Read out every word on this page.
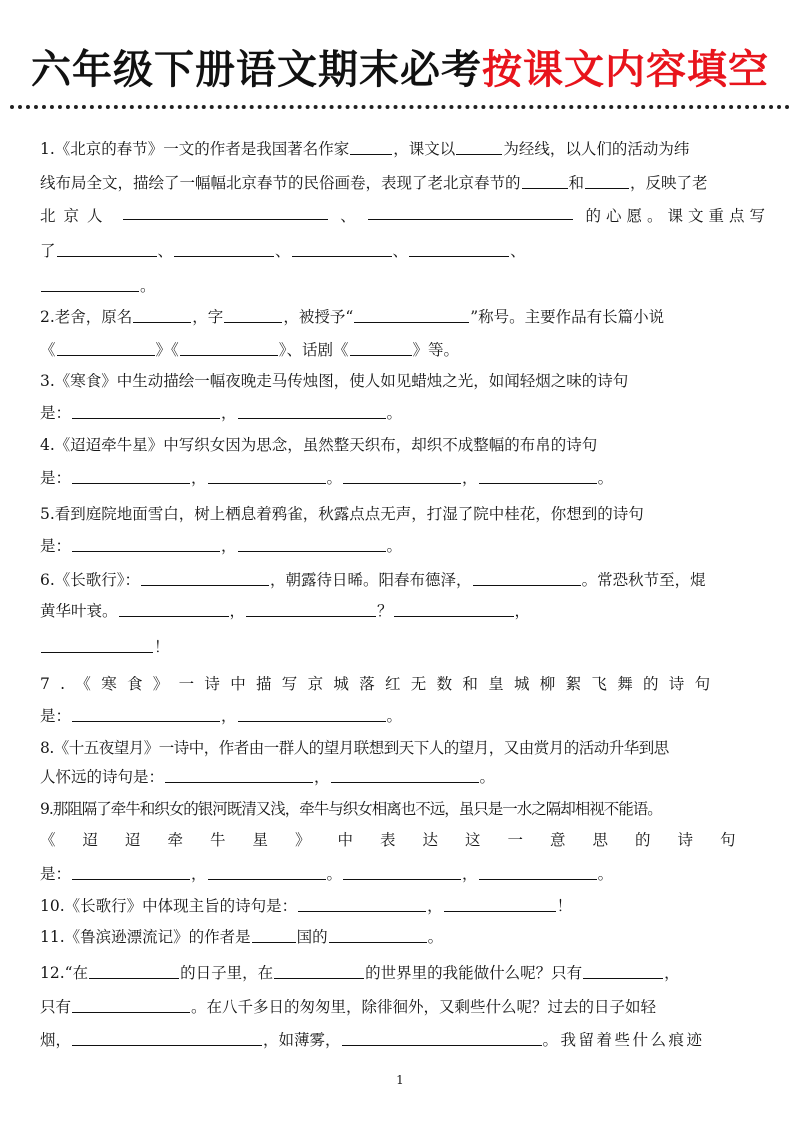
六年级下册语文期末必考按课文内容填空
1.《北京的春节》一文的作者是我国著名作家	，课文以	为经线，以人们的活动为纬
线布局全文，描绘了一幅幅北京春节的民俗画卷，表现了老北京春节的	和	，反映了老
北京人	、	的心愿。课文重点写
了	、	、	、	、
。
2.老舍，原名	，字	，被授予“	”称号。主要作品有长篇小说
《	》《	》、话剧《	》等。
3.《寒食》中生动描绘一幅夜晚走马传烛图，使人如见蜡烛之光，如闻轻烟之味的诗句
是：	，	。
4.《迢迢牵牛星》中写织女因为思念，虽然整天织布，却织不成整幅的布帛的诗句
是：	，	。	，	。
5.看到庭院地面雪白，树上栖息着鸦雀，秋露点点无声，打湿了院中桂花，你想到的诗句
是：	，	。
6.《长歌行》：	，朝露待日晞。阳春布德泽，	。常恐秋节至，焜
黄华叶衰。	，	？	，
！
7.《寒食》一诗中描写京城落红无数和皇城柳絮飞舞的诗句
是：	，	。
8.《十五夜望月》一诗中，作者由一群人的望月联想到天下人的望月，又由赏月的活动升华到思
人怀远的诗句是：	，	。
9.那阻隔了牵牛和织女的银河既清又浅，牵牛与织女相离也不远，虽只是一水之隔却相视不能语。
《迢迢牵牛星》中表达这一意思的诗句
是：	，	。	，	。
10.《长歌行》中体现主旨的诗句是：	，	！
11.《鲁滨逊漂流记》的作者是	国的	。
12.“在	的日子里，在	的世界里的我能做什么呢？只有	，
只有	。在八千多日的匆匆里，除徘徊外，又剩些什么呢？过去的日子如轻
烟，	，如薄雾，	。我留着些什么痕迹
1
